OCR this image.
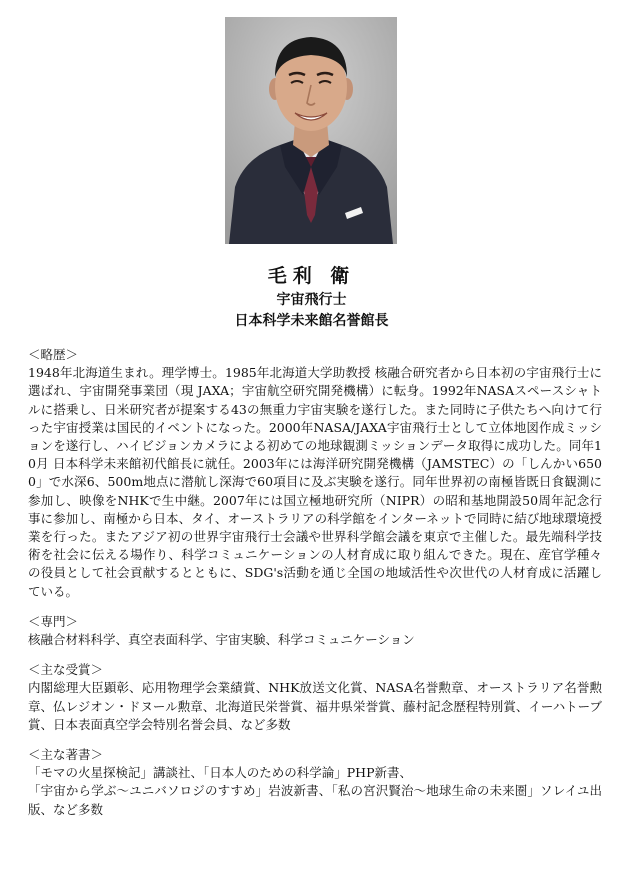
毛利 衛
宇宙飛行士
日本科学未来館名誉館長

＜略歴＞

1948年北海道生まれ。理学博士。1985年北海道大学助教授 核融合研究者から日本初の宇宙飛行士に選ばれ、宇宙開発事業団（現 JAXA；宇宙航空研究開発機構）に転身。1992年NASAスペースシャトルに搭乗し、日米研究者が提案する43の無重力宇宙実験を遂行した。また同時に子供たちへ向けて行った宇宙授業は国民的イベントになった。2000年NASA/JAXA宇宙飛行士として立体地図作成ミッションを遂行し、ハイビジョンカメラによる初めての地球観測ミッションデータ取得に成功した。同年10月 日本科学未来館初代館長に就任。2003年には海洋研究開発機構（JAMSTEC）の「しんかい6500」で水深6、500m地点に潜航し深海で60項目に及ぶ実験を遂行。同年世界初の南極皆既日食観測に参加し、映像をNHKで生中継。2007年には国立極地研究所（NIPR）の昭和基地開設50周年記念行事に参加し、南極から日本、タイ、オーストラリアの科学館をインターネットで同時に結び地球環境授業を行った。またアジア初の世界宇宙飛行士会議や世界科学館会議を東京で主催した。最先端科学技術を社会に伝える場作り、科学コミュニケーションの人材育成に取り組んできた。現在、産官学種々の役員として社会貢献するとともに、SDG's活動を通じ全国の地域活性や次世代の人材育成に活躍している。

＜専門＞

核融合材料科学、真空表面科学、宇宙実験、科学コミュニケーション

＜主な受賞＞

内閣総理大臣顕彰、応用物理学会業績賞、NHK放送文化賞、NASA名誉勲章、オーストラリア名誉勲章、仏レジオン・ドヌール勲章、北海道民栄誉賞、福井県栄誉賞、藤村記念歴程特別賞、イーハトーブ賞、日本表面真空学会特別名誉会員、など多数

＜主な著書＞

「モマの火星探検記」講談社、「日本人のための科学論」PHP新書、

「宇宙から学ぶ～ユニバソロジのすすめ」岩波新書、「私の宮沢賢治～地球生命の未来圏」ソレイユ出版、など多数
